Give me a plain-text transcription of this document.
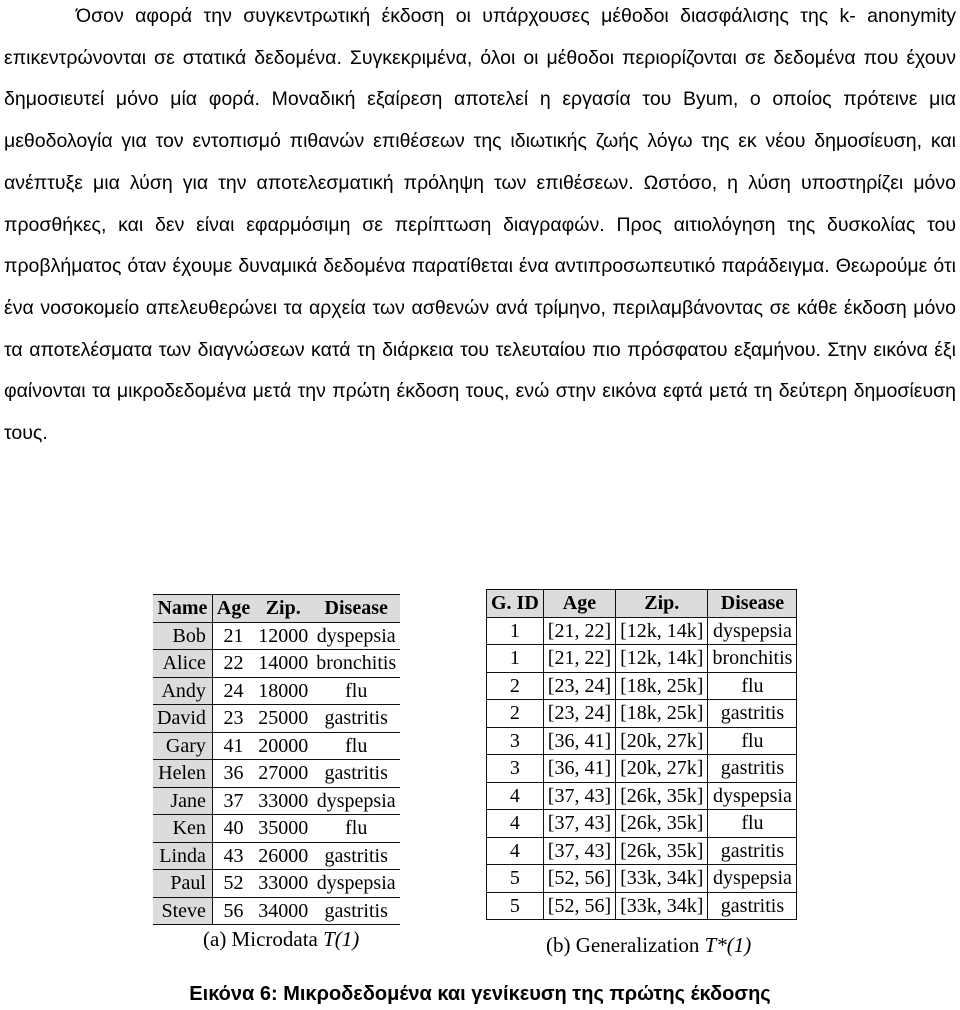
Όσον αφορά την συγκεντρωτική έκδοση οι υπάρχουσες μέθοδοι διασφάλισης της k- anonymity επικεντρώνονται σε στατικά δεδομένα. Συγκεκριμένα, όλοι οι μέθοδοι περιορίζονται σε δεδομένα που έχουν δημοσιευτεί μόνο μία φορά. Μοναδική εξαίρεση αποτελεί η εργασία του Byum, ο οποίος πρότεινε μια μεθοδολογία για τον εντοπισμό πιθανών επιθέσεων της ιδιωτικής ζωής λόγω της εκ νέου δημοσίευση, και ανέπτυξε μια λύση για την αποτελεσματική πρόληψη των επιθέσεων. Ωστόσο, η λύση υποστηρίζει μόνο προσθήκες, και δεν είναι εφαρμόσιμη σε περίπτωση διαγραφών. Προς αιτιολόγηση της δυσκολίας του προβλήματος όταν έχουμε δυναμικά δεδομένα παρατίθεται ένα αντιπροσωπευτικό παράδειγμα. Θεωρούμε ότι ένα νοσοκομείο απελευθερώνει τα αρχεία των ασθενών ανά τρίμηνο, περιλαμβάνοντας σε κάθε έκδοση μόνο τα αποτελέσματα των διαγνώσεων κατά τη διάρκεια του τελευταίου πιο πρόσφατου εξαμήνου. Στην εικόνα έξι φαίνονται τα μικροδεδομένα μετά την πρώτη έκδοση τους, ενώ στην εικόνα εφτά μετά τη δεύτερη δημοσίευση τους.

Name	Age	Zip.	Disease
Bob	21	12000	dyspepsia
Alice	22	14000	bronchitis
Andy	24	18000	flu
David	23	25000	gastritis
Gary	41	20000	flu
Helen	36	27000	gastritis
Jane	37	33000	dyspepsia
Ken	40	35000	flu
Linda	43	26000	gastritis
Paul	52	33000	dyspepsia
Steve	56	34000	gastritis
(a) Microdata T(1)
G. ID	Age	Zip.	Disease
1	[21, 22]	[12k, 14k]	dyspepsia
1	[21, 22]	[12k, 14k]	bronchitis
2	[23, 24]	[18k, 25k]	flu
2	[23, 24]	[18k, 25k]	gastritis
3	[36, 41]	[20k, 27k]	flu
3	[36, 41]	[20k, 27k]	gastritis
4	[37, 43]	[26k, 35k]	dyspepsia
4	[37, 43]	[26k, 35k]	flu
4	[37, 43]	[26k, 35k]	gastritis
5	[52, 56]	[33k, 34k]	dyspepsia
5	[52, 56]	[33k, 34k]	gastritis
(b) Generalization T*(1)
Εικόνα 6: Μικροδεδομένα και γενίκευση της πρώτης έκδοσης
